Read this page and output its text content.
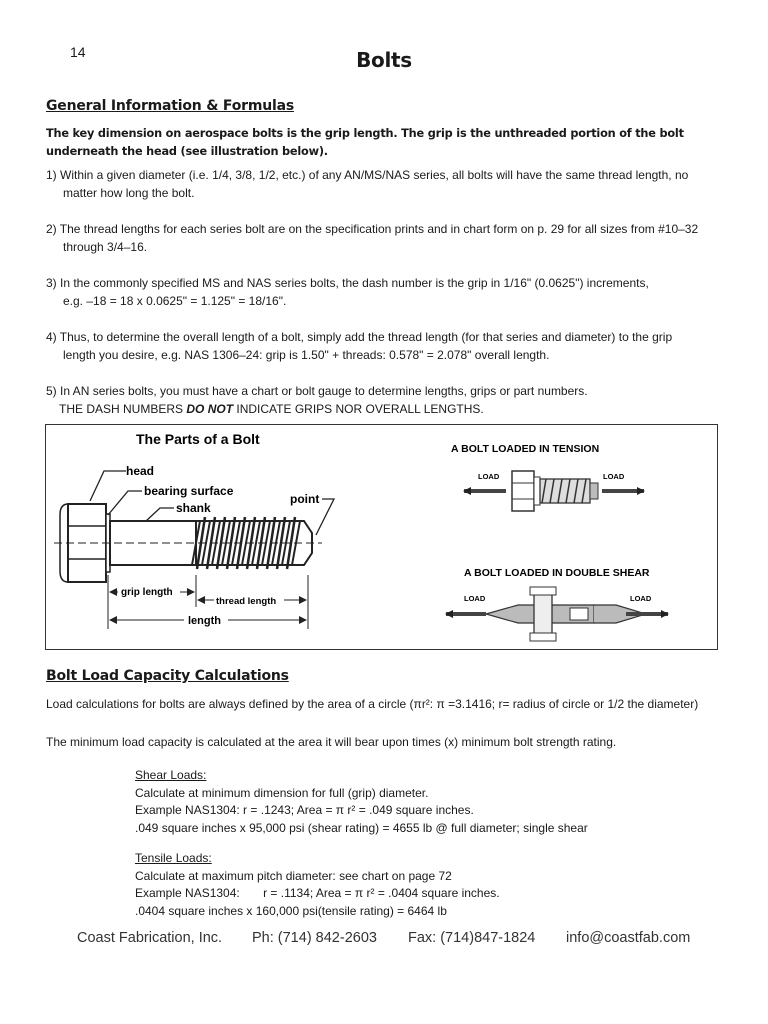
14	Bolts
General Information & Formulas
The key dimension on aerospace bolts is the grip length. The grip is the unthreaded portion of the bolt underneath the head (see illustration below).
1) Within a given diameter (i.e. 1/4, 3/8, 1/2, etc.) of any AN/MS/NAS series, all bolts will have the same thread length, no
matter how long the bolt.
2) The thread lengths for each series bolt are on the specification prints and in chart form on p. 29 for all sizes from #10–32
through 3/4–16.
3) In the commonly specified MS and NAS series bolts, the dash number is the grip in 1/16" (0.0625") increments,
e.g. –18 = 18 x 0.0625" = 1.125" = 18/16".
4) Thus, to determine the overall length of a bolt, simply add the thread length (for that series and diameter) to the grip
length you desire, e.g. NAS 1306–24: grip is 1.50" + threads: 0.578" = 2.078" overall length.
5) In AN series bolts, you must have a chart or bolt gauge to determine lengths, grips or part numbers.
THE DASH NUMBERS DO NOT INDICATE GRIPS NOR OVERALL LENGTHS.
The Parts of a Bolt
head
bearing surface
shank
point
grip length
thread length
length
A BOLT LOADED IN TENSION
LOAD	LOAD
A BOLT LOADED IN DOUBLE SHEAR
LOAD	LOAD
Bolt Load Capacity Calculations
Load calculations for bolts are always defined by the area of a circle (πr²: π =3.1416; r= radius of circle or 1/2 the diameter)
The minimum load capacity is calculated at the area it will bear upon times (x) minimum bolt strength rating.
Shear Loads:
Calculate at minimum dimension for full (grip) diameter.
Example NAS1304: r = .1243; Area = π r² = .049 square inches.
.049 square inches x 95,000 psi (shear rating) = 4655 lb @ full diameter; single shear
Tensile Loads:
Calculate at maximum pitch diameter: see chart on page 72
Example NAS1304:       r = .1134; Area = π r² = .0404 square inches.
.0404 square inches x 160,000 psi(tensile rating) = 6464 lb
Coast Fabrication, Inc. Ph: (714) 842-2603 Fax: (714)847-1824 info@coastfab.com
